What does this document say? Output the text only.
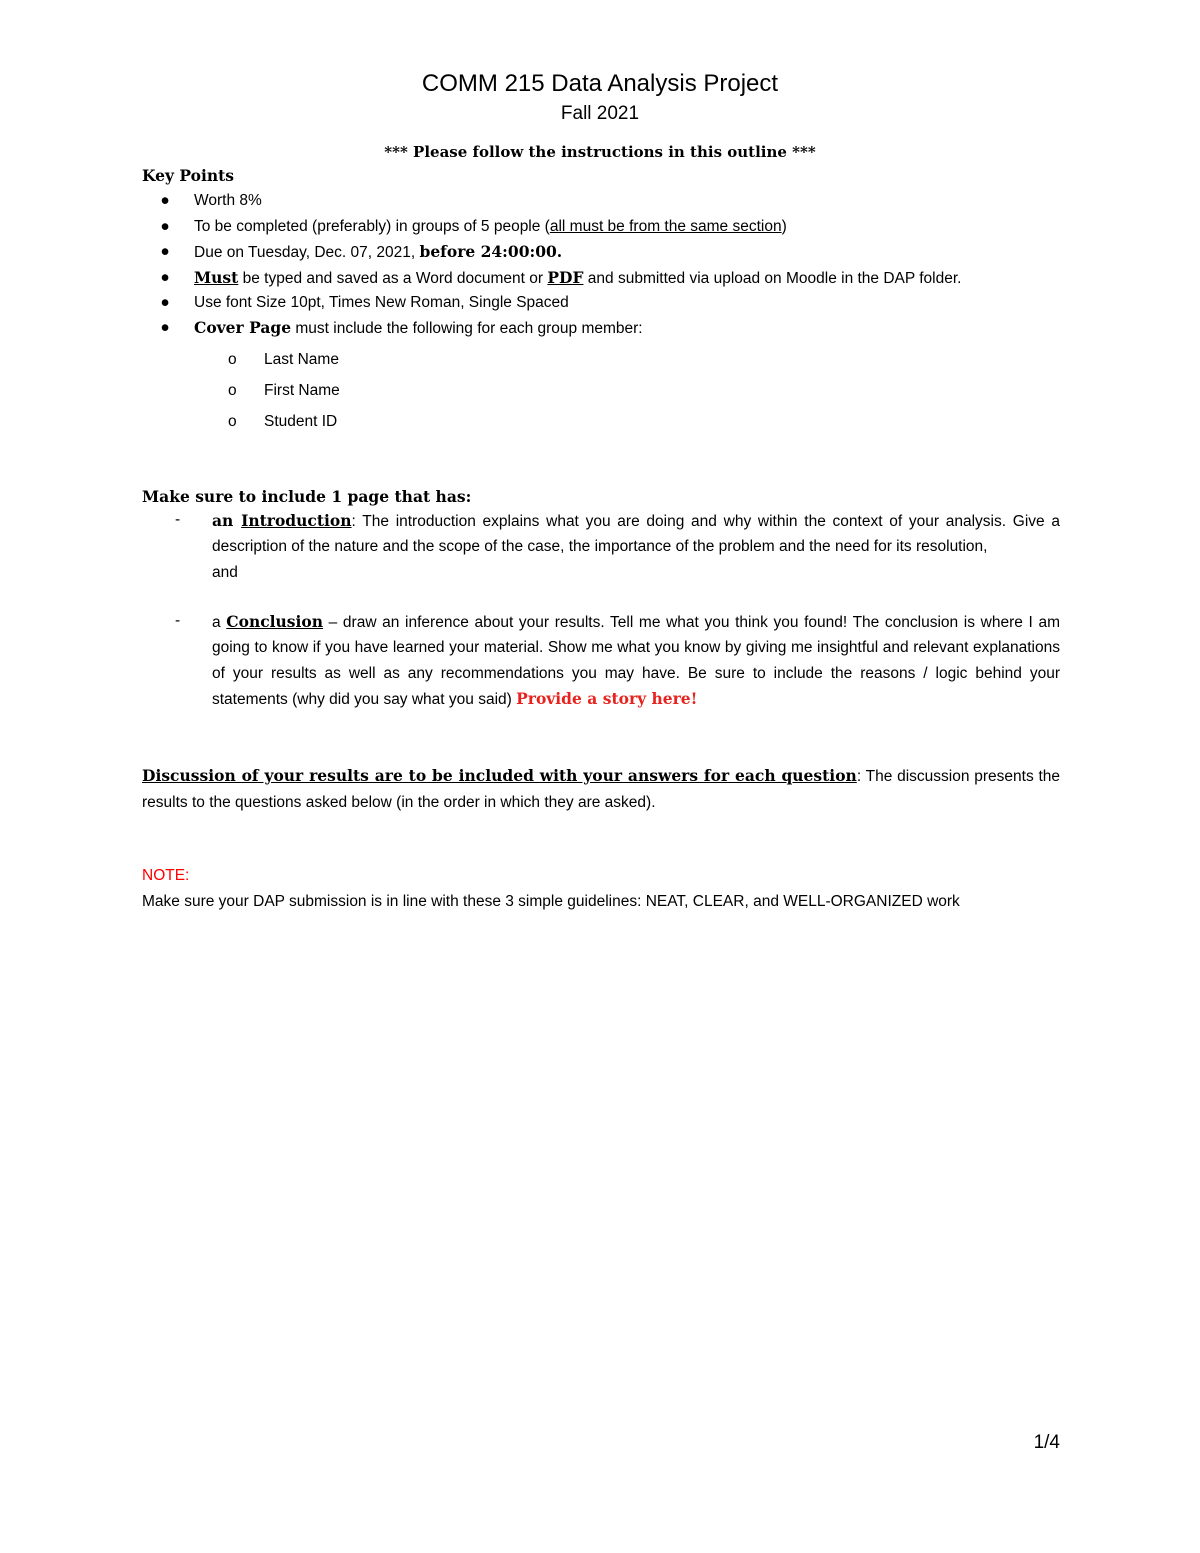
COMM 215 Data Analysis Project
Fall 2021
*** Please follow the instructions in this outline ***
Key Points
● Worth 8%
● To be completed (preferably) in groups of 5 people (all must be from the same section)
● Due on Tuesday, Dec. 07, 2021, before 24:00:00.
● Must be typed and saved as a Word document or PDF and submitted via upload on Moodle in the DAP folder.
● Use font Size 10pt, Times New Roman, Single Spaced
● Cover Page must include the following for each group member:
o Last Name
o First Name
o Student ID
Make sure to include 1 page that has:
- an Introduction: The introduction explains what you are doing and why within the context of your analysis. Give a description of the nature and the scope of the case, the importance of the problem and the need for its resolution,
and
- a Conclusion – draw an inference about your results. Tell me what you think you found! The conclusion is where I am going to know if you have learned your material. Show me what you know by giving me insightful and relevant explanations of your results as well as any recommendations you may have. Be sure to include the reasons / logic behind your statements (why did you say what you said) Provide a story here!
Discussion of your results are to be included with your answers for each question: The discussion presents the results to the questions asked below (in the order in which they are asked).
NOTE:
Make sure your DAP submission is in line with these 3 simple guidelines: NEAT, CLEAR, and WELL-ORGANIZED work
1/4
